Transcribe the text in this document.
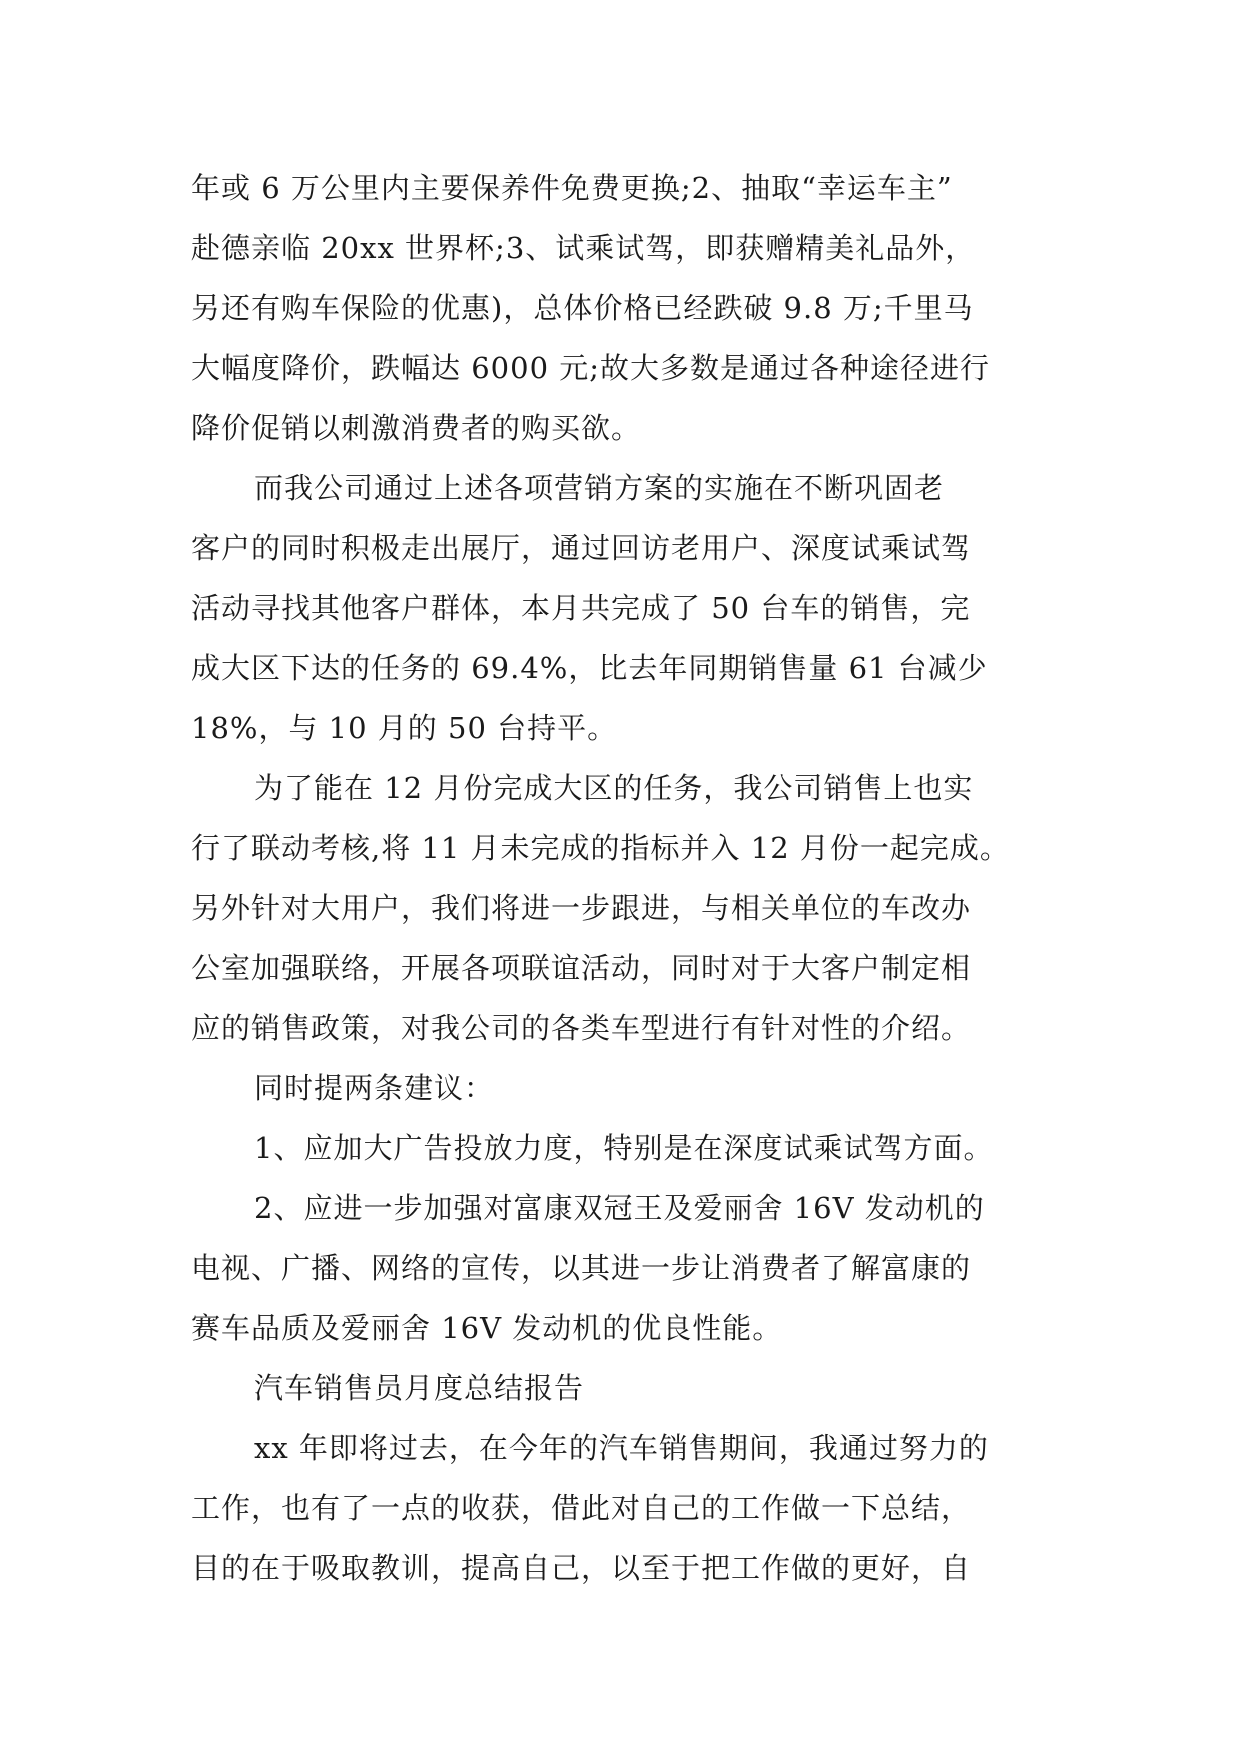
年或 6 万公里内主要保养件免费更换;2、抽取“幸运车主”
赴德亲临 20xx 世界杯;3、试乘试驾，即获赠精美礼品外，
另还有购车保险的优惠)，总体价格已经跌破 9.8 万;千里马
大幅度降价，跌幅达 6000 元;故大多数是通过各种途径进行
降价促销以刺激消费者的购买欲。
而我公司通过上述各项营销方案的实施在不断巩固老
客户的同时积极走出展厅，通过回访老用户、深度试乘试驾
活动寻找其他客户群体，本月共完成了 50 台车的销售，完
成大区下达的任务的 69.4%，比去年同期销售量 61 台减少
18%，与 10 月的 50 台持平。
为了能在 12 月份完成大区的任务，我公司销售上也实
行了联动考核,将 11 月未完成的指标并入 12 月份一起完成。
另外针对大用户，我们将进一步跟进，与相关单位的车改办
公室加强联络，开展各项联谊活动，同时对于大客户制定相
应的销售政策，对我公司的各类车型进行有针对性的介绍。
同时提两条建议：
1、应加大广告投放力度，特别是在深度试乘试驾方面。
2、应进一步加强对富康双冠王及爱丽舍 16V 发动机的
电视、广播、网络的宣传，以其进一步让消费者了解富康的
赛车品质及爱丽舍 16V 发动机的优良性能。
汽车销售员月度总结报告
xx 年即将过去，在今年的汽车销售期间，我通过努力的
工作，也有了一点的收获，借此对自己的工作做一下总结，
目的在于吸取教训，提高自己，以至于把工作做的更好，自
